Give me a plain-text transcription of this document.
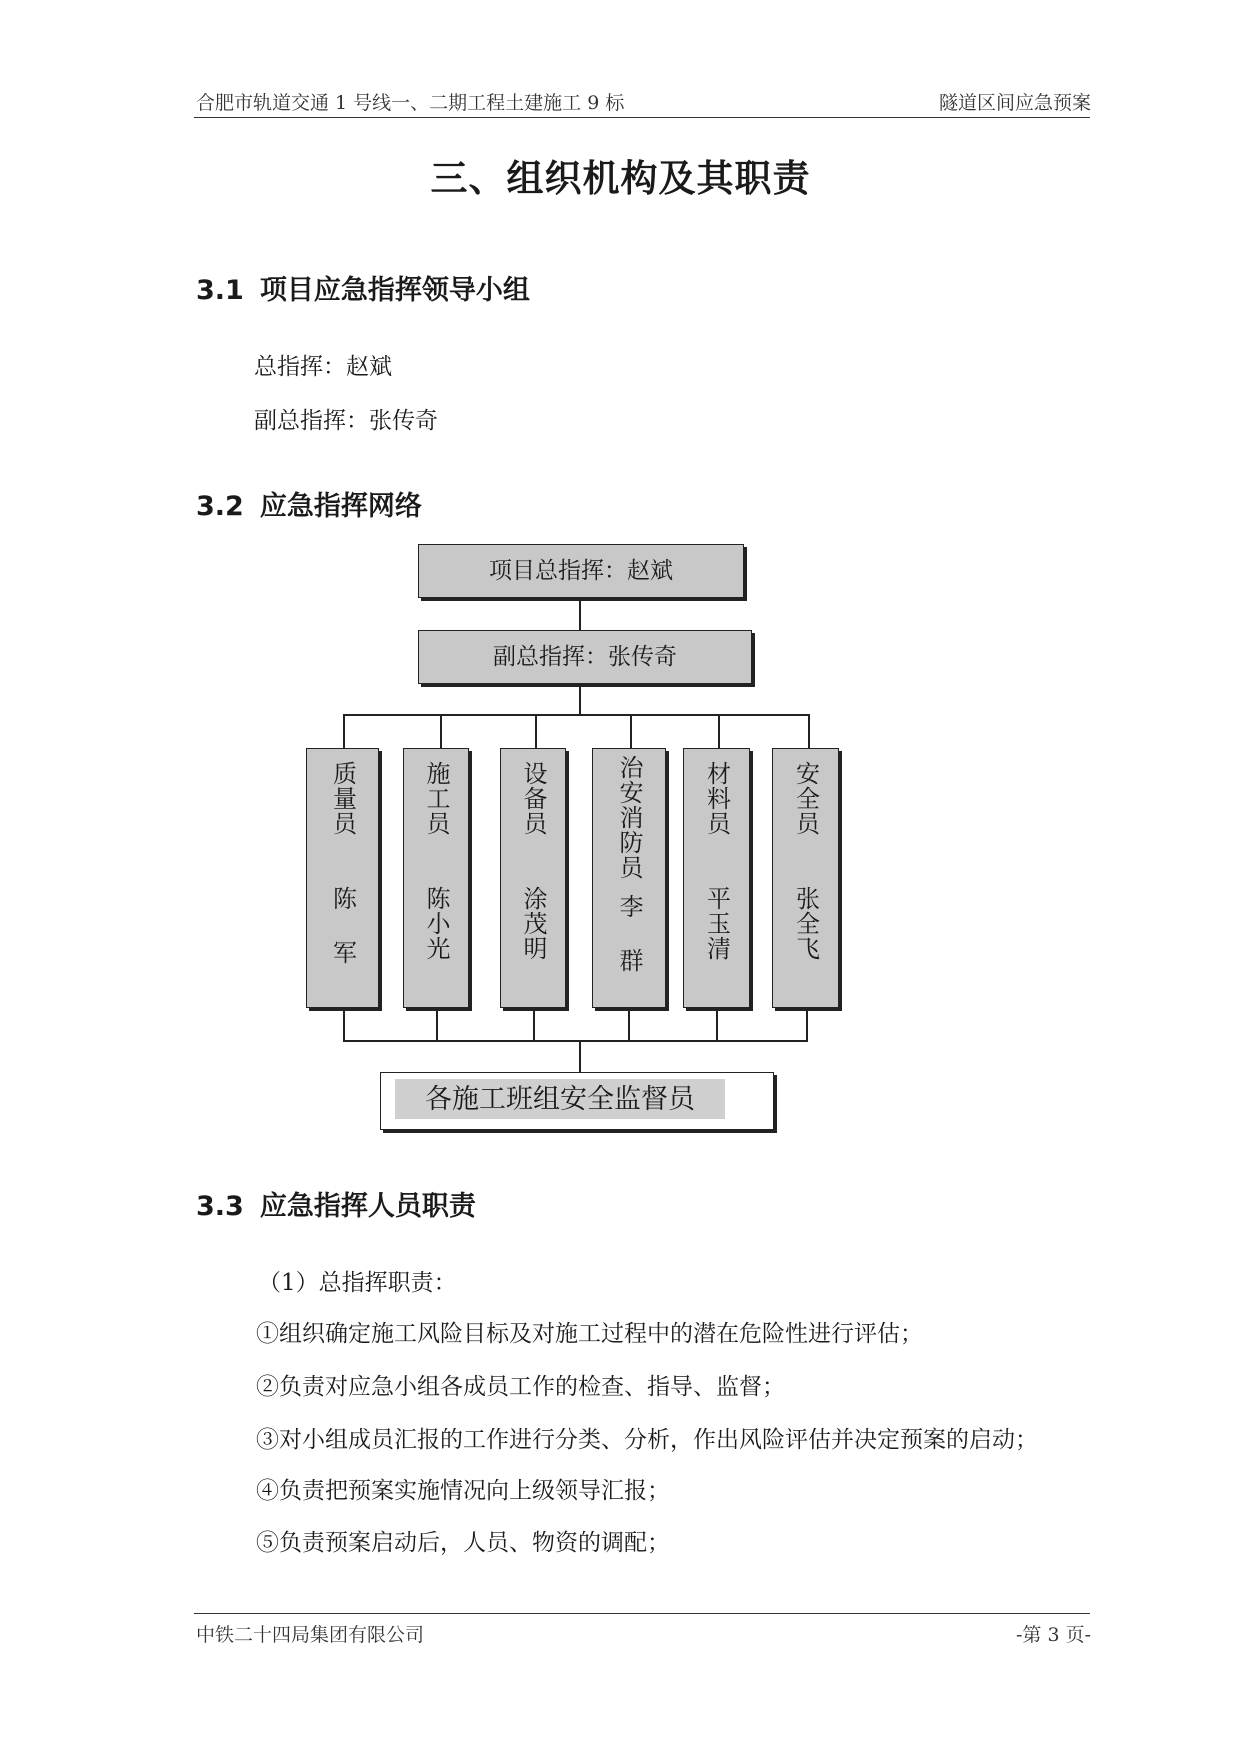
合肥市轨道交通 1 号线一、二期工程土建施工 9 标	隧道区间应急预案
三、组织机构及其职责
3.1 项目应急指挥领导小组
总指挥：赵斌
副总指挥：张传奇
3.2 应急指挥网络
项目总指挥：赵斌
副总指挥：张传奇
质量员
陈 军
施工员
陈小光
设备员
涂茂明
治安消防员
李 群
材料员
平玉清
安全员
张全飞
各施工班组安全监督员
3.3 应急指挥人员职责
（1）总指挥职责：
①组织确定施工风险目标及对施工过程中的潜在危险性进行评估；
②负责对应急小组各成员工作的检查、指导、监督；
③对小组成员汇报的工作进行分类、分析，作出风险评估并决定预案的启动；
④负责把预案实施情况向上级领导汇报；
⑤负责预案启动后，人员、物资的调配；
中铁二十四局集团有限公司	-第 3 页-
